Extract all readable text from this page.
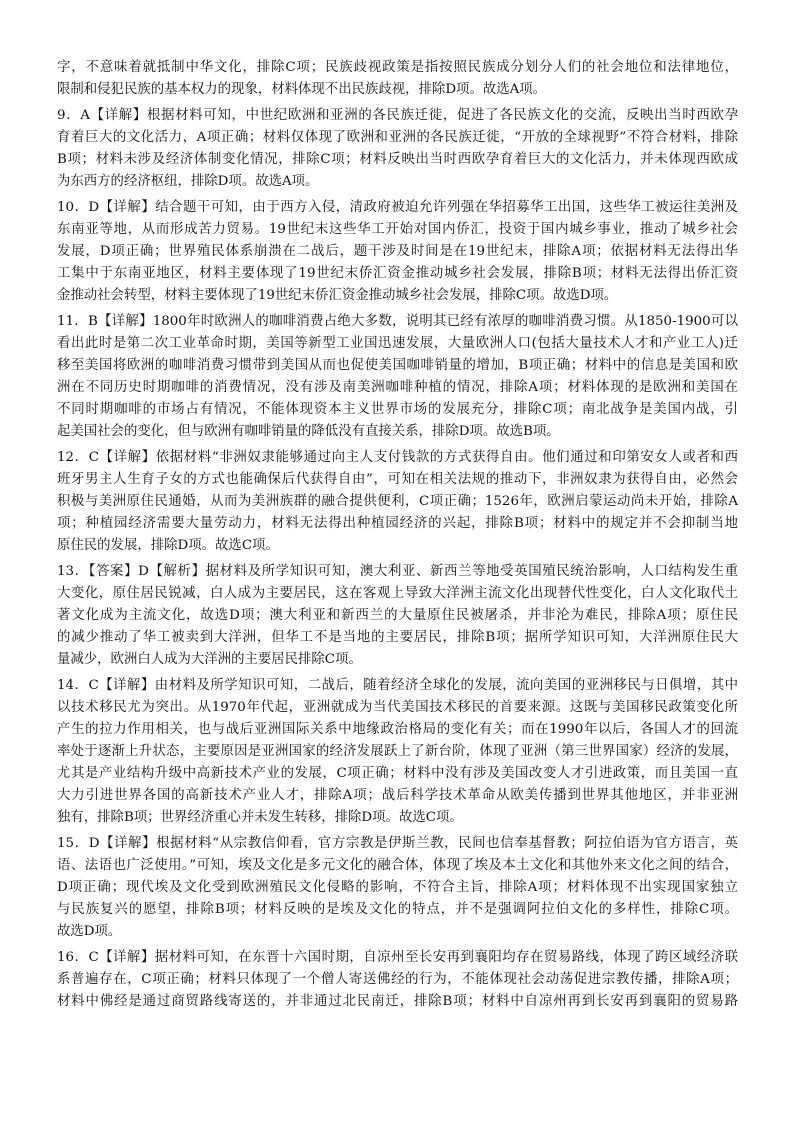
字，不意味着就抵制中华文化，排除C项；民族歧视政策是指按照民族成分划分人们的社会地位和法律地位，
限制和侵犯民族的基本权力的现象，材料体现不出民族歧视，排除D项。故选A项。
9．A【详解】根据材料可知，中世纪欧洲和亚洲的各民族迁徙，促进了各民族文化的交流，反映出当时西欧孕
育着巨大的文化活力，A项正确；材料仅体现了欧洲和亚洲的各民族迁徙，“开放的全球视野”不符合材料，排除
B项；材料未涉及经济体制变化情况，排除C项；材料反映出当时西欧孕育着巨大的文化活力，并未体现西欧成
为东西方的经济枢纽，排除D项。故选A项。
10．D【详解】结合题干可知，由于西方入侵，清政府被迫允许列强在华招募华工出国，这些华工被运往美洲及
东南亚等地，从而形成苦力贸易。19世纪末这些华工开始对国内侨汇，投资于国内城乡事业，推动了城乡社会
发展，D项正确；世界殖民体系崩溃在二战后，题干涉及时间是在19世纪末，排除A项；依据材料无法得出华
工集中于东南亚地区，材料主要体现了19世纪末侨汇资金推动城乡社会发展，排除B项；材料无法得出侨汇资
金推动社会转型，材料主要体现了19世纪末侨汇资金推动城乡社会发展，排除C项。故选D项。
11．B【详解】1800年时欧洲人的咖啡消费占绝大多数，说明其已经有浓厚的咖啡消费习惯。从1850-1900可以
看出此时是第二次工业革命时期，美国等新型工业国迅速发展，大量欧洲人口(包括大量技术人才和产业工人)迁
移至美国将欧洲的咖啡消费习惯带到美国从而也促使美国咖啡销量的增加，B项正确；材料中的信息是美国和欧
洲在不同历史时期咖啡的消费情况，没有涉及南美洲咖啡种植的情况，排除A项；材料体现的是欧洲和美国在
不同时期咖啡的市场占有情况，不能体现资本主义世界市场的发展充分，排除C项；南北战争是美国内战，引
起美国社会的变化，但与欧洲有咖啡销量的降低没有直接关系，排除D项。故选B项。
12．C【详解】依据材料“非洲奴隶能够通过向主人支付钱款的方式获得自由。他们通过和印第安女人或者和西
班牙男主人生育子女的方式也能确保后代获得自由”，可知在相关法规的推动下，非洲奴隶为获得自由，必然会
积极与美洲原住民通婚，从而为美洲族群的融合提供便利，C项正确；1526年，欧洲启蒙运动尚未开始，排除A
项；种植园经济需要大量劳动力，材料无法得出种植园经济的兴起，排除B项；材料中的规定并不会抑制当地
原住民的发展，排除D项。故选C项。
13．【答案】D【解析】据材料及所学知识可知，澳大利亚、新西兰等地受英国殖民统治影响，人口结构发生重
大变化，原住居民锐减，白人成为主要居民，这在客观上导致大洋洲主流文化出现替代性变化，白人文化取代土
著文化成为主流文化，故选D项；澳大利亚和新西兰的大量原住民被屠杀，并非沦为难民，排除A项；原住民
的减少推动了华工被卖到大洋洲，但华工不是当地的主要居民，排除B项；据所学知识可知，大洋洲原住民大
量减少，欧洲白人成为大洋洲的主要居民排除C项。
14．C【详解】由材料及所学知识可知，二战后，随着经济全球化的发展，流向美国的亚洲移民与日俱增，其中
以技术移民尤为突出。从1970年代起，亚洲就成为当代美国技术移民的首要来源。这既与美国移民政策变化所
产生的拉力作用相关，也与战后亚洲国际关系中地缘政治格局的变化有关；而在1990年以后，各国人才的回流
率处于逐渐上升状态，主要原因是亚洲国家的经济发展跃上了新台阶，体现了亚洲（第三世界国家）经济的发展，
尤其是产业结构升级中高新技术产业的发展，C项正确；材料中没有涉及美国改变人才引进政策，而且美国一直
大力引进世界各国的高新技术产业人才，排除A项；战后科学技术革命从欧美传播到世界其他地区，并非亚洲
独有，排除B项；世界经济重心并未发生转移，排除D项。故选C项。
15．D【详解】根据材料“从宗教信仰看，官方宗教是伊斯兰教，民间也信奉基督教；阿拉伯语为官方语言，英
语、法语也广泛使用。”可知，埃及文化是多元文化的融合体，体现了埃及本土文化和其他外来文化之间的结合，
D项正确；现代埃及文化受到欧洲殖民文化侵略的影响，不符合主旨，排除A项；材料体现不出实现国家独立
与民族复兴的愿望，排除B项；材料反映的是埃及文化的特点，并不是强调阿拉伯文化的多样性，排除C项。
故选D项。
16．C【详解】据材料可知，在东晋十六国时期，自凉州至长安再到襄阳均存在贸易路线，体现了跨区域经济联
系普遍存在，C项正确；材料只体现了一个僧人寄送佛经的行为，不能体现社会动荡促进宗教传播，排除A项；
材料中佛经是通过商贸路线寄送的，并非通过北民南迁，排除B项；材料中自凉州再到长安再到襄阳的贸易路
